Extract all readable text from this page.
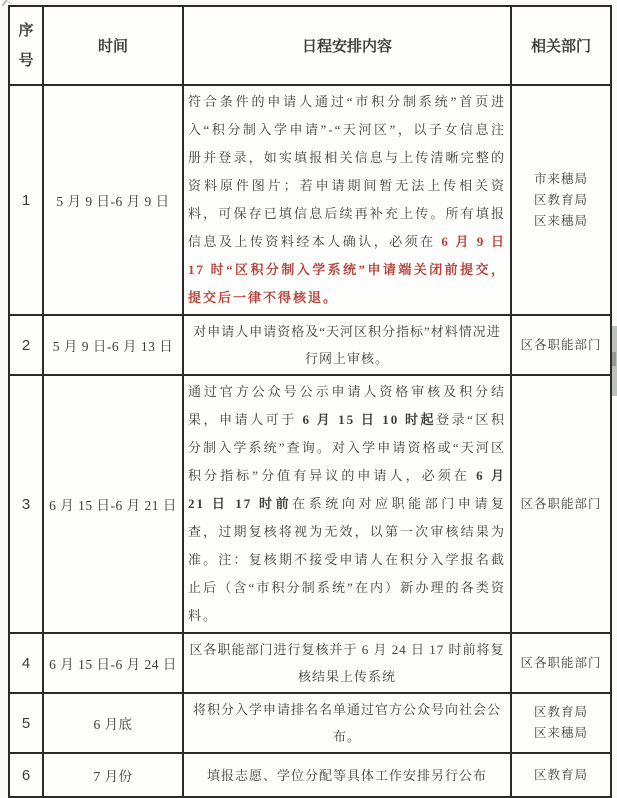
序号	时间	日程安排内容	相关部门
1	5 月 9 日-6 月 9 日	符合条件的申请人通过“市积分制系统”首页进入“积分制入学申请”-“天河区”，以子女信息注册并登录，如实填报相关信息与上传清晰完整的资料原件图片；若申请期间暂无法上传相关资料，可保存已填信息后续再补充上传。所有填报信息及上传资料经本人确认，必须在 6 月 9 日 17 时“区积分制入学系统”申请端关闭前提交，提交后一律不得核退。	市来穗局
区教育局
区来穗局

2	5 月 9 日-6 月 13 日	对申请人申请资格及“天河区积分指标”材料情况进行网上审核。	区各职能部门

3	6 月 15 日-6 月 21 日	通过官方公众号公示申请人资格审核及积分结果，申请人可于 6 月 15 日 10 时起登录“区积分制入学系统”查询。对入学申请资格或“天河区积分指标”分值有异议的申请人，必须在 6 月 21 日 17 时前在系统向对应职能部门申请复查，过期复核将视为无效，以第一次审核结果为准。注：复核期不接受申请人在积分入学报名截止后（含“市积分制系统”在内）新办理的各类资料。	区各职能部门

4	6 月 15 日-6 月 24 日	区各职能部门进行复核并于 6 月 24 日 17 时前将复核结果上传系统	区各职能部门

5	6 月底	将积分入学申请排名名单通过官方公众号向社会公布。	区教育局
区来穗局

6	7 月份	填报志愿、学位分配等具体工作安排另行公布	区教育局
